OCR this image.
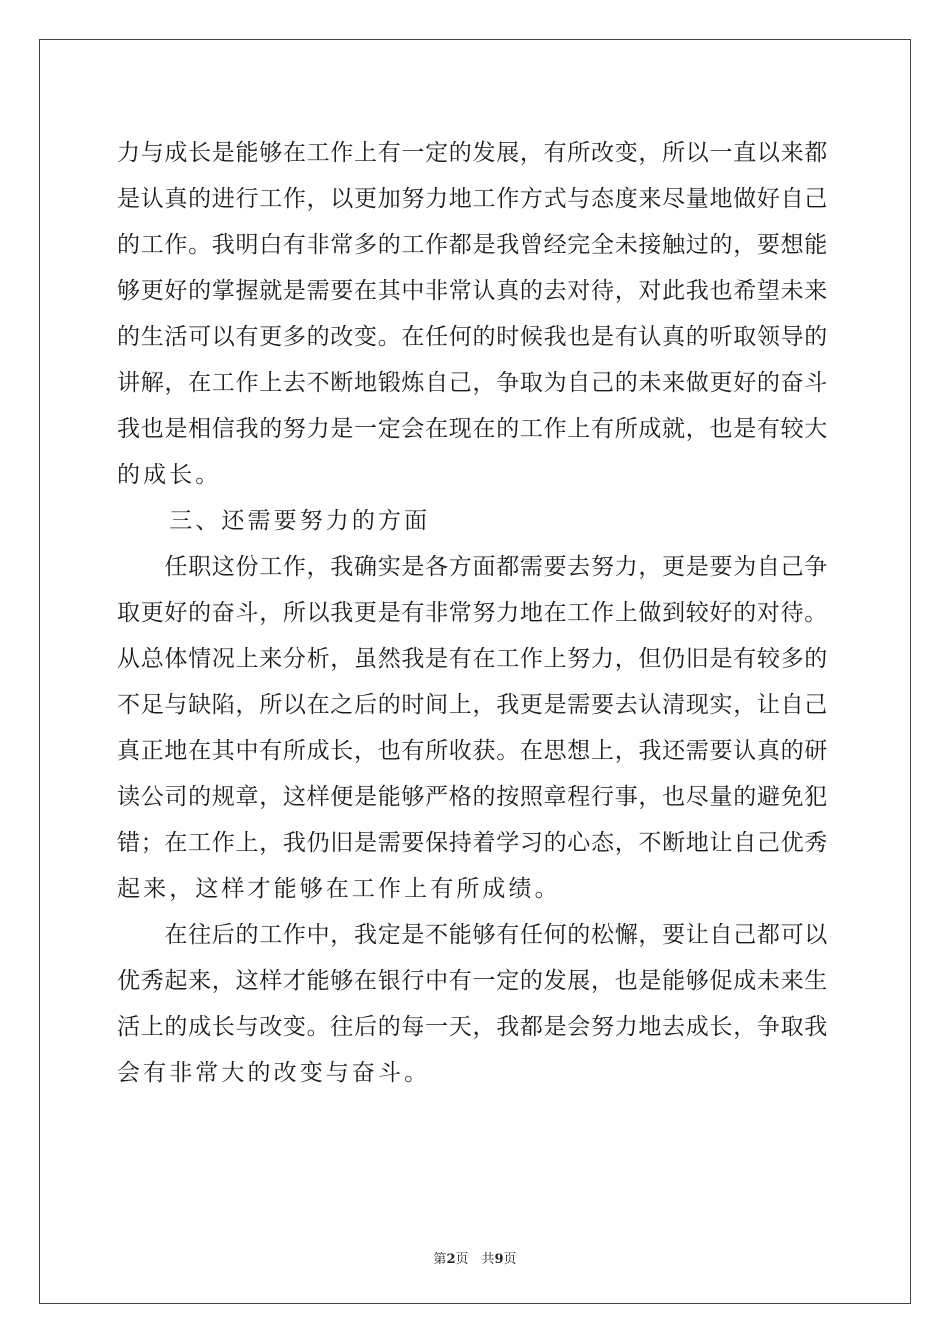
力与成长是能够在工作上有一定的发展，有所改变，所以一直以来都
是认真的进行工作，以更加努力地工作方式与态度来尽量地做好自己
的工作。我明白有非常多的工作都是我曾经完全未接触过的，要想能
够更好的掌握就是需要在其中非常认真的去对待，对此我也希望未来
的生活可以有更多的改变。在任何的时候我也是有认真的听取领导的
讲解，在工作上去不断地锻炼自己，争取为自己的未来做更好的奋斗
我也是相信我的努力是一定会在现在的工作上有所成就，也是有较大
的成长。
　　三、还需要努力的方面
　　任职这份工作，我确实是各方面都需要去努力，更是要为自己争
取更好的奋斗，所以我更是有非常努力地在工作上做到较好的对待。
从总体情况上来分析，虽然我是有在工作上努力，但仍旧是有较多的
不足与缺陷，所以在之后的时间上，我更是需要去认清现实，让自己
真正地在其中有所成长，也有所收获。在思想上，我还需要认真的研
读公司的规章，这样便是能够严格的按照章程行事，也尽量的避免犯
错；在工作上，我仍旧是需要保持着学习的心态，不断地让自己优秀
起来，这样才能够在工作上有所成绩。
　　在往后的工作中，我定是不能够有任何的松懈，要让自己都可以
优秀起来，这样才能够在银行中有一定的发展，也是能够促成未来生
活上的成长与改变。往后的每一天，我都是会努力地去成长，争取我
会有非常大的改变与奋斗。
第2页　共9页
